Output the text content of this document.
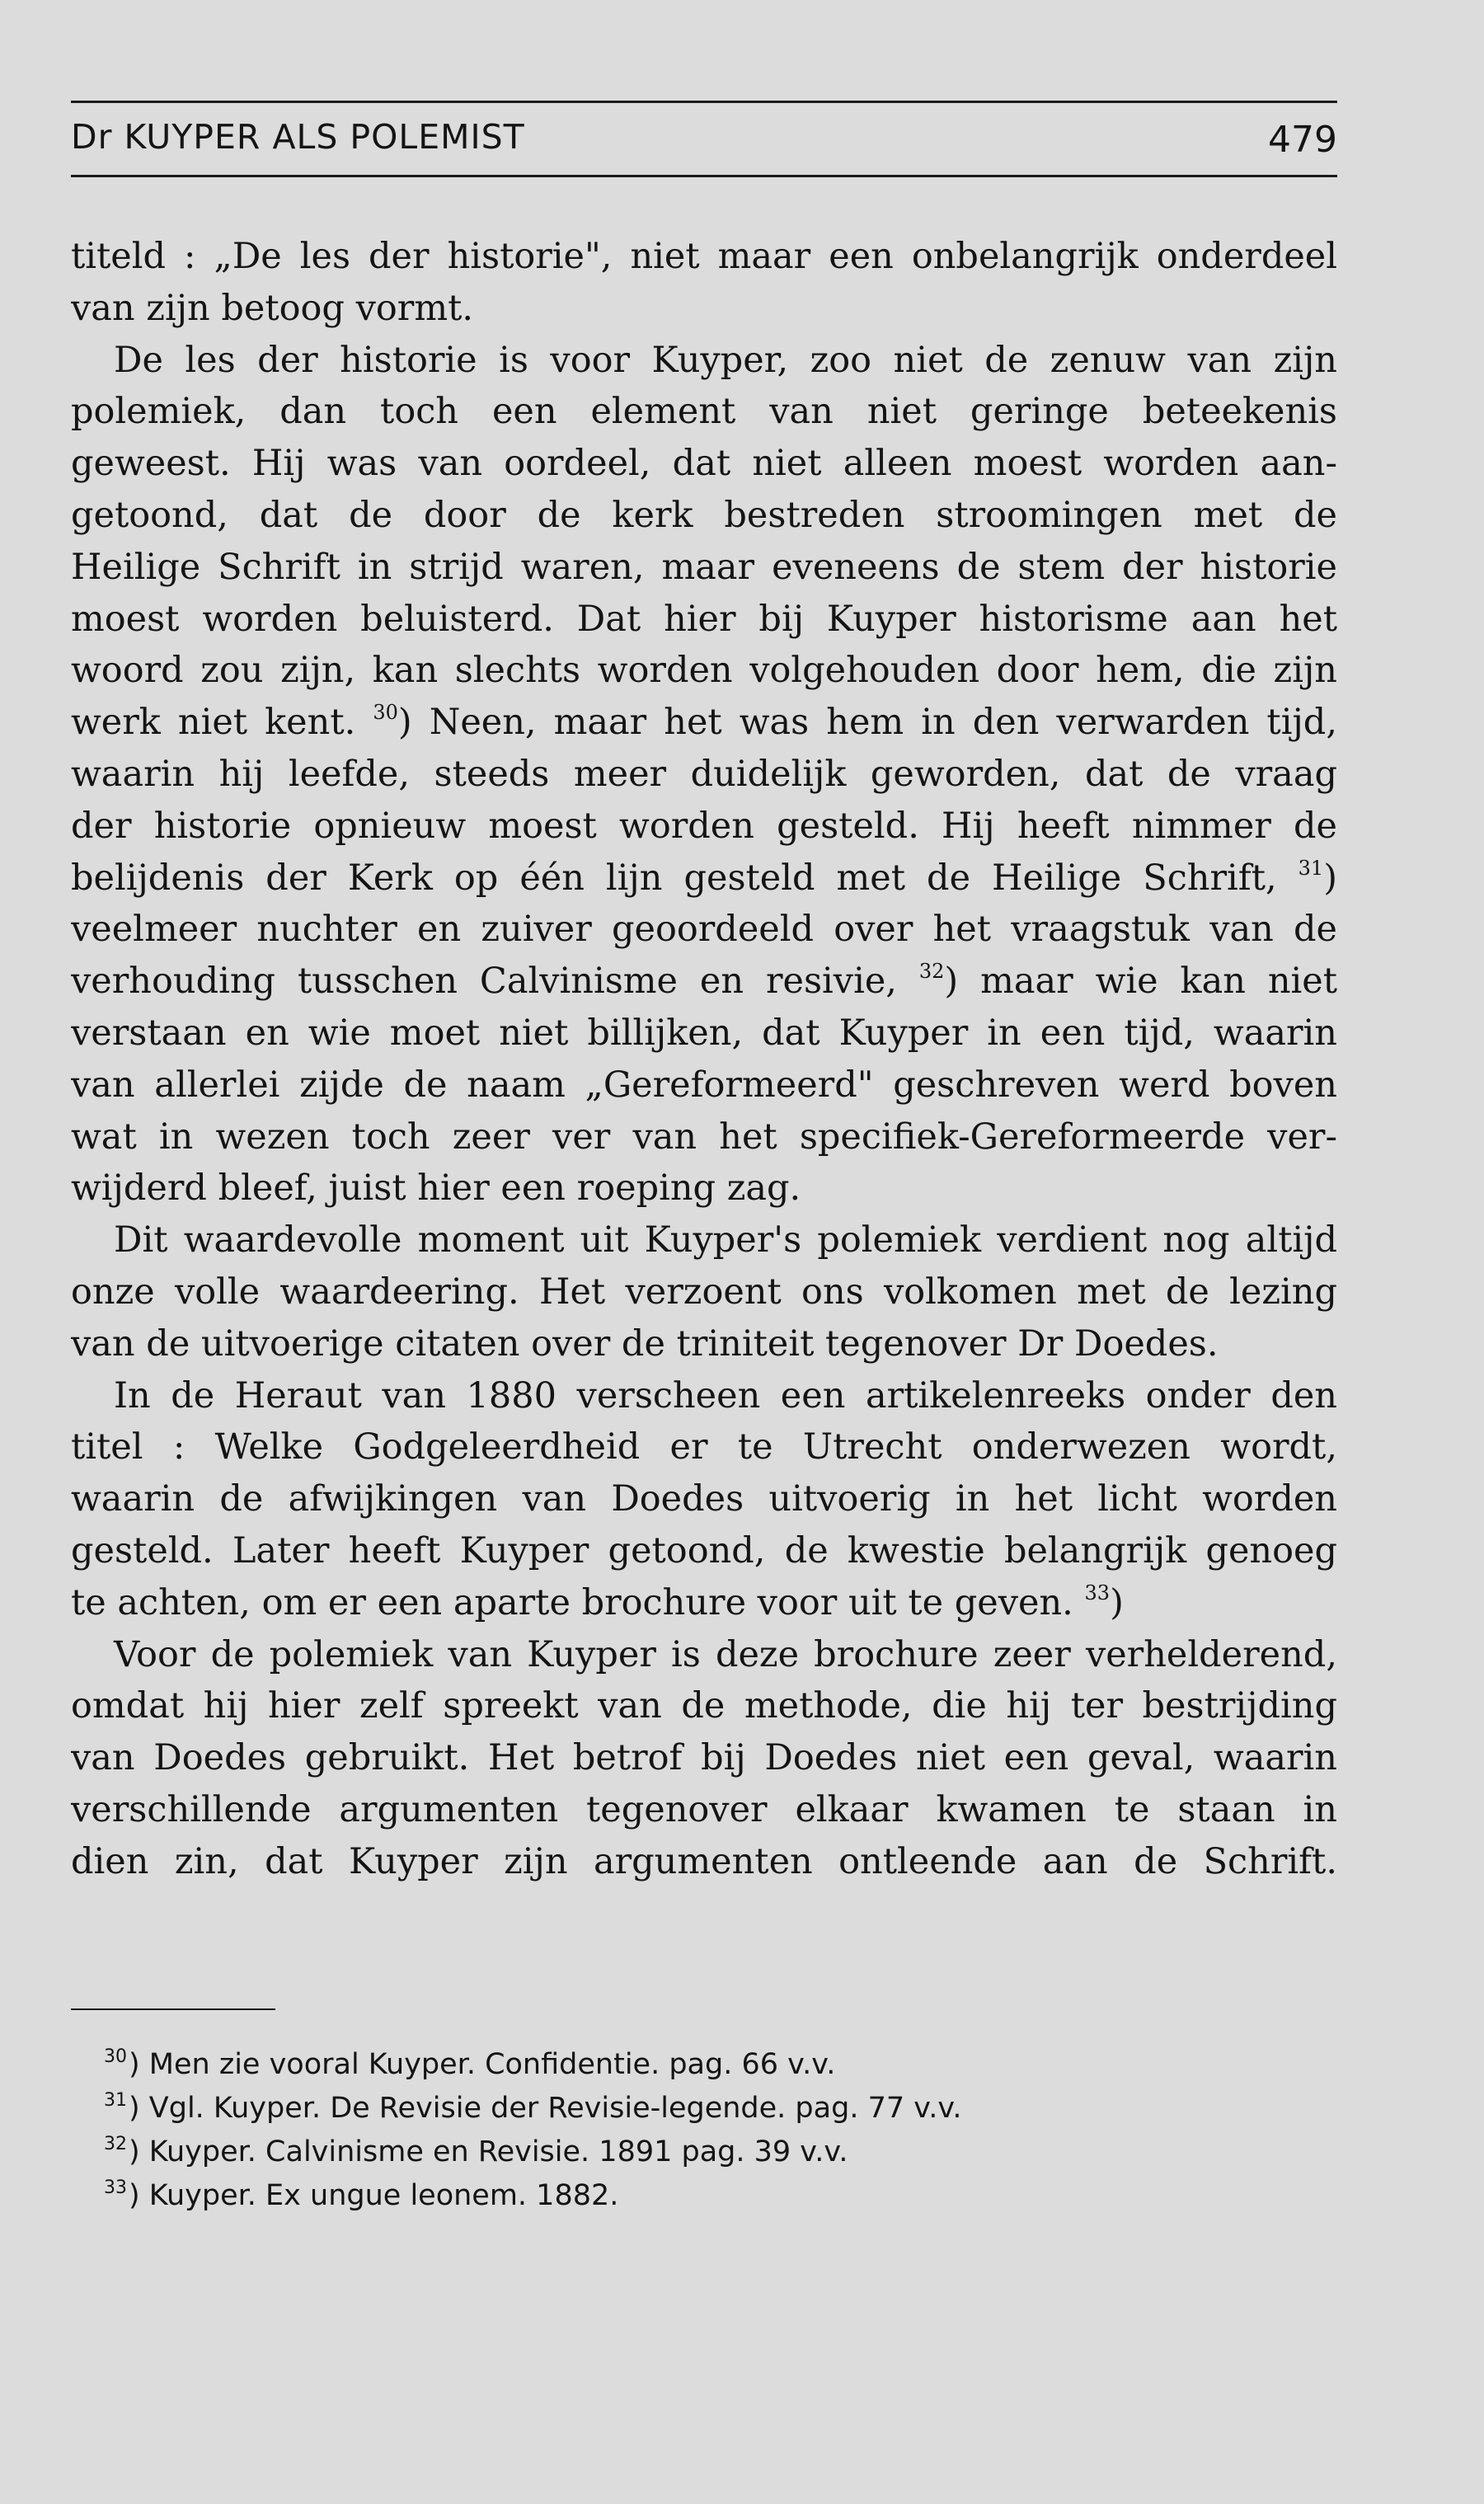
Dr KUYPER ALS POLEMIST	479
titeld : „De les der historie", niet maar een onbelangrijk onderdeel
van zijn betoog vormt.
De les der historie is voor Kuyper, zoo niet de zenuw van zijn
polemiek, dan toch een element van niet geringe beteekenis
geweest. Hij was van oordeel, dat niet alleen moest worden aan-
getoond, dat de door de kerk bestreden stroomingen met de
Heilige Schrift in strijd waren, maar eveneens de stem der historie
moest worden beluisterd. Dat hier bij Kuyper historisme aan het
woord zou zijn, kan slechts worden volgehouden door hem, die zijn
werk niet kent. $^{30}$) Neen, maar het was hem in den verwarden tijd,
waarin hij leefde, steeds meer duidelijk geworden, dat de vraag
der historie opnieuw moest worden gesteld. Hij heeft nimmer de
belijdenis der Kerk op één lijn gesteld met de Heilige Schrift, $^{31}$)
veelmeer nuchter en zuiver geoordeeld over het vraagstuk van de
verhouding tusschen Calvinisme en resivie, $^{32}$) maar wie kan niet
verstaan en wie moet niet billijken, dat Kuyper in een tijd, waarin
van allerlei zijde de naam „Gereformeerd" geschreven werd boven
wat in wezen toch zeer ver van het specifiek-Gereformeerde ver-
wijderd bleef, juist hier een roeping zag.
Dit waardevolle moment uit Kuyper's polemiek verdient nog altijd
onze volle waardeering. Het verzoent ons volkomen met de lezing
van de uitvoerige citaten over de triniteit tegenover Dr Doedes.
In de Heraut van 1880 verscheen een artikelenreeks onder den
titel : Welke Godgeleerdheid er te Utrecht onderwezen wordt,
waarin de afwijkingen van Doedes uitvoerig in het licht worden
gesteld. Later heeft Kuyper getoond, de kwestie belangrijk genoeg
te achten, om er een aparte brochure voor uit te geven. $^{33}$)
Voor de polemiek van Kuyper is deze brochure zeer verhelderend,
omdat hij hier zelf spreekt van de methode, die hij ter bestrijding
van Doedes gebruikt. Het betrof bij Doedes niet een geval, waarin
verschillende argumenten tegenover elkaar kwamen te staan in
dien zin, dat Kuyper zijn argumenten ontleende aan de Schrift.
$^{30}$) Men zie vooral Kuyper. Confidentie. pag. 66 v.v.
$^{31}$) Vgl. Kuyper. De Revisie der Revisie-legende. pag. 77 v.v.
$^{32}$) Kuyper. Calvinisme en Revisie. 1891 pag. 39 v.v.
$^{33}$) Kuyper. Ex ungue leonem. 1882.
